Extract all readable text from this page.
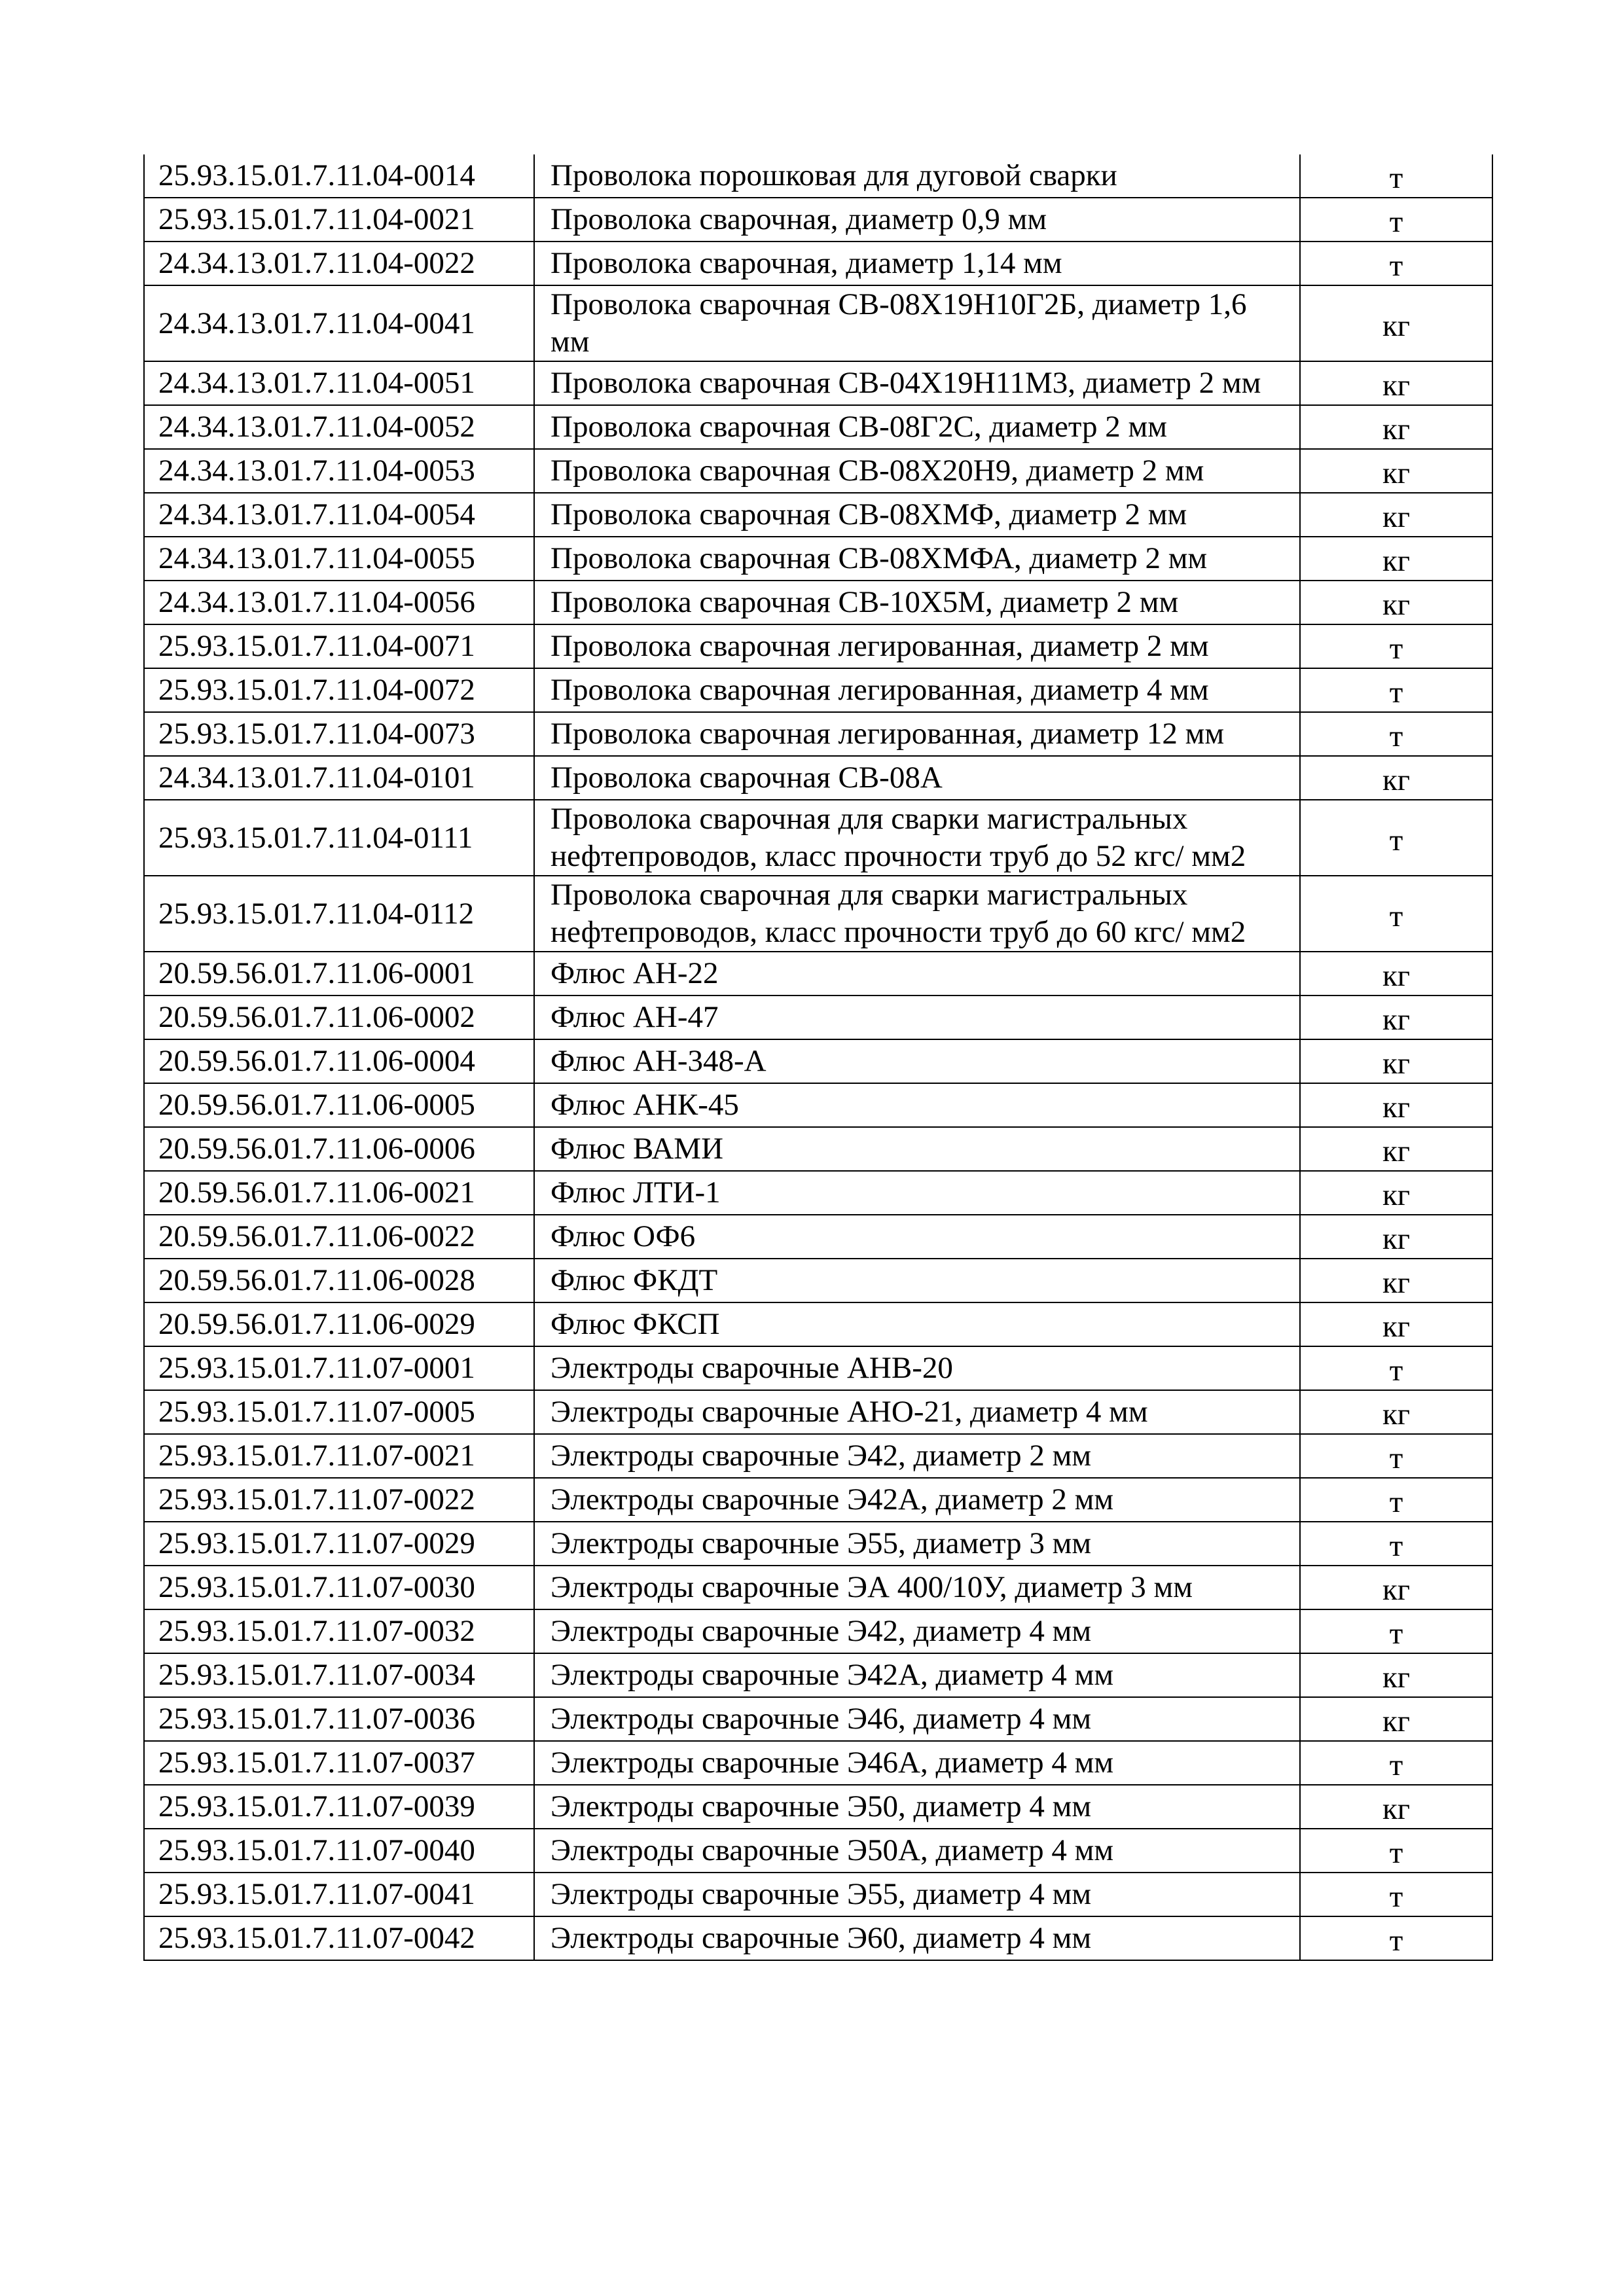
25.93.15.01.7.11.04-0014	Проволока порошковая для дуговой сварки	т
25.93.15.01.7.11.04-0021	Проволока сварочная, диаметр 0,9 мм	т
24.34.13.01.7.11.04-0022	Проволока сварочная, диаметр 1,14 мм	т
24.34.13.01.7.11.04-0041	Проволока сварочная СВ-08Х19Н10Г2Б, диаметр 1,6 мм	кг
24.34.13.01.7.11.04-0051	Проволока сварочная СВ-04Х19Н11М3, диаметр 2 мм	кг
24.34.13.01.7.11.04-0052	Проволока сварочная СВ-08Г2С, диаметр 2 мм	кг
24.34.13.01.7.11.04-0053	Проволока сварочная СВ-08Х20Н9, диаметр 2 мм	кг
24.34.13.01.7.11.04-0054	Проволока сварочная СВ-08ХМФ, диаметр 2 мм	кг
24.34.13.01.7.11.04-0055	Проволока сварочная СВ-08ХМФА, диаметр 2 мм	кг
24.34.13.01.7.11.04-0056	Проволока сварочная СВ-10Х5М, диаметр 2 мм	кг
25.93.15.01.7.11.04-0071	Проволока сварочная легированная, диаметр 2 мм	т
25.93.15.01.7.11.04-0072	Проволока сварочная легированная, диаметр 4 мм	т
25.93.15.01.7.11.04-0073	Проволока сварочная легированная, диаметр 12 мм	т
24.34.13.01.7.11.04-0101	Проволока сварочная СВ-08А	кг
25.93.15.01.7.11.04-0111	Проволока сварочная для сварки магистральных нефтепроводов, класс прочности труб до 52 кгс/ мм2	т
25.93.15.01.7.11.04-0112	Проволока сварочная для сварки магистральных нефтепроводов, класс прочности труб до 60 кгс/ мм2	т
20.59.56.01.7.11.06-0001	Флюс АН-22	кг
20.59.56.01.7.11.06-0002	Флюс АН-47	кг
20.59.56.01.7.11.06-0004	Флюс АН-348-А	кг
20.59.56.01.7.11.06-0005	Флюс АНК-45	кг
20.59.56.01.7.11.06-0006	Флюс ВАМИ	кг
20.59.56.01.7.11.06-0021	Флюс ЛТИ-1	кг
20.59.56.01.7.11.06-0022	Флюс ОФ6	кг
20.59.56.01.7.11.06-0028	Флюс ФКДТ	кг
20.59.56.01.7.11.06-0029	Флюс ФКСП	кг
25.93.15.01.7.11.07-0001	Электроды сварочные АНВ-20	т
25.93.15.01.7.11.07-0005	Электроды сварочные АНО-21, диаметр 4 мм	кг
25.93.15.01.7.11.07-0021	Электроды сварочные Э42, диаметр 2 мм	т
25.93.15.01.7.11.07-0022	Электроды сварочные Э42А, диаметр 2 мм	т
25.93.15.01.7.11.07-0029	Электроды сварочные Э55, диаметр 3 мм	т
25.93.15.01.7.11.07-0030	Электроды сварочные ЭА 400/10У, диаметр 3 мм	кг
25.93.15.01.7.11.07-0032	Электроды сварочные Э42, диаметр 4 мм	т
25.93.15.01.7.11.07-0034	Электроды сварочные Э42А, диаметр 4 мм	кг
25.93.15.01.7.11.07-0036	Электроды сварочные Э46, диаметр 4 мм	кг
25.93.15.01.7.11.07-0037	Электроды сварочные Э46А, диаметр 4 мм	т
25.93.15.01.7.11.07-0039	Электроды сварочные Э50, диаметр 4 мм	кг
25.93.15.01.7.11.07-0040	Электроды сварочные Э50А, диаметр 4 мм	т
25.93.15.01.7.11.07-0041	Электроды сварочные Э55, диаметр 4 мм	т
25.93.15.01.7.11.07-0042	Электроды сварочные Э60, диаметр 4 мм	т
